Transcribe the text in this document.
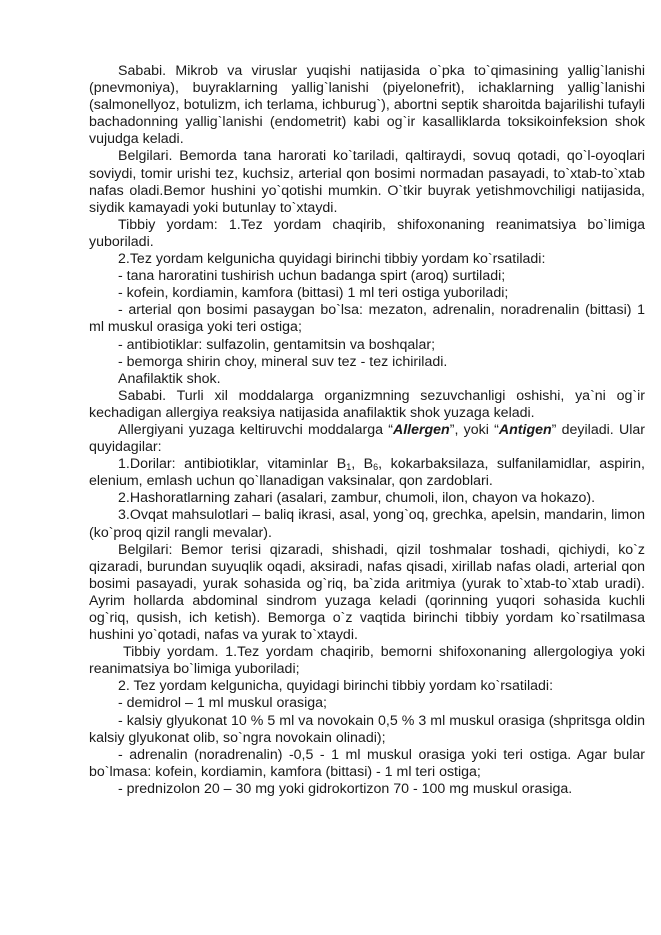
Sababi. Mikrob va viruslar yuqishi natijasida o`pka to`qimasining yallig`lanishi (pnevmoniya), buyraklarning yallig`lanishi (piyelonefrit), ichaklarning yallig`lanishi (salmonellyoz, botulizm, ich terlama, ichburug`), abortni septik sharoitda bajarilishi tufayli bachadonning yallig`lanishi (endometrit) kabi og`ir kasalliklarda toksikoinfeksion shok vujudga keladi.

Belgilari. Bemorda tana harorati ko`tariladi, qaltiraydi, sovuq qotadi, qo`l-oyoqlari soviydi, tomir urishi tez, kuchsiz, arterial qon bosimi normadan pasayadi, to`xtab-to`xtab nafas oladi.Bemor hushini yo`qotishi mumkin. O`tkir buyrak yetishmovchiligi natijasida, siydik kamayadi yoki butunlay to`xtaydi.

Tibbiy yordam: 1.Tez yordam chaqirib, shifoxonaning reanimatsiya bo`limiga yuboriladi.

2.Tez yordam kelgunicha quyidagi birinchi tibbiy yordam ko`rsatiladi:

- tana haroratini tushirish uchun badanga spirt (aroq) surtiladi;

- kofein, kordiamin, kamfora (bittasi) 1 ml teri ostiga yuboriladi;

- arterial qon bosimi pasaygan bo`lsa: mezaton, adrenalin, noradrenalin (bittasi) 1 ml muskul orasiga yoki teri ostiga;

- antibiotiklar: sulfazolin, gentamitsin va boshqalar;

- bemorga shirin choy, mineral suv tez - tez ichiriladi.

Anafilaktik shok.

Sababi. Turli xil moddalarga organizmning sezuvchanligi oshishi, ya`ni og`ir kechadigan allergiya reaksiya natijasida anafilaktik shok yuzaga keladi.

Allergiyani yuzaga keltiruvchi moddalarga “Allergen”, yoki “Antigen” deyiladi. Ular quyidagilar:

1.Dorilar: antibiotiklar, vitaminlar $B_1$, $B_6$, kokarbaksilaza, sulfanilamidlar, aspirin, elenium, emlash uchun qo`llanadigan vaksinalar, qon zardoblari.

2.Hashoratlarning zahari (asalari, zambur, chumoli, ilon, chayon va hokazo).

3.Ovqat mahsulotlari – baliq ikrasi, asal, yong`oq, grechka, apelsin, mandarin, limon (ko`proq qizil rangli mevalar).

Belgilari: Bemor terisi qizaradi, shishadi, qizil toshmalar toshadi, qichiydi, ko`z qizaradi, burundan suyuqlik oqadi, aksiradi, nafas qisadi, xirillab nafas oladi, arterial qon bosimi pasayadi, yurak sohasida og`riq, ba`zida aritmiya (yurak to`xtab-to`xtab uradi). Ayrim hollarda abdominal sindrom yuzaga keladi (qorinning yuqori sohasida kuchli og`riq, qusish, ich ketish). Bemorga o`z vaqtida birinchi tibbiy yordam ko`rsatilmasa hushini yo`qotadi, nafas va yurak to`xtaydi.

Tibbiy yordam. 1.Tez yordam chaqirib, bemorni shifoxonaning allergologiya yoki reanimatsiya bo`limiga yuboriladi;

2. Tez yordam kelgunicha, quyidagi birinchi tibbiy yordam ko`rsatiladi:

- demidrol – 1 ml muskul orasiga;

- kalsiy glyukonat 10 % 5 ml va novokain 0,5 % 3 ml muskul orasiga (shpritsga oldin kalsiy glyukonat olib, so`ngra novokain olinadi);

- adrenalin (noradrenalin) -0,5 - 1 ml muskul orasiga yoki teri ostiga. Agar bular bo`lmasa: kofein, kordiamin, kamfora (bittasi) - 1 ml teri ostiga;

- prednizolon 20 – 30 mg yoki gidrokortizon 70 - 100 mg muskul orasiga.
